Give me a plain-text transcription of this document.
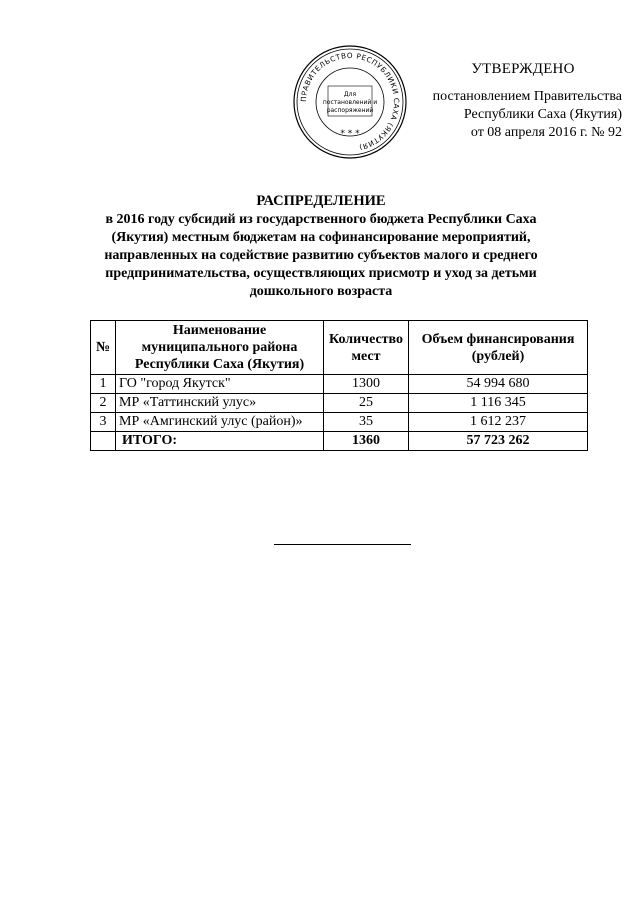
УТВЕРЖДЕНО
постановлением Правительства
Республики Саха (Якутия)
от 08 апреля 2016 г. № 92
ПРАВИТЕЛЬСТВО РЕСПУБЛИКИ САХА (ЯКУТИЯ)
Для
постановлений и
распоряжений
* * *
РАСПРЕДЕЛЕНИЕ
в 2016 году субсидий из государственного бюджета Республики Саха
(Якутия) местным бюджетам на софинансирование мероприятий,
направленных на содействие развитию субъектов малого и среднего
предпринимательства, осуществляющих присмотр и уход за детьми
дошкольного возраста
№	Наименование муниципального района Республики Саха (Якутия)	Количество мест	Объем финансирования (рублей)
1	ГО "город Якутск"	1300	54 994 680
2	МР «Таттинский улус»	25	1 116 345
3	МР «Амгинский улус (район)»	35	1 612 237
	ИТОГО:	1360	57 723 262
